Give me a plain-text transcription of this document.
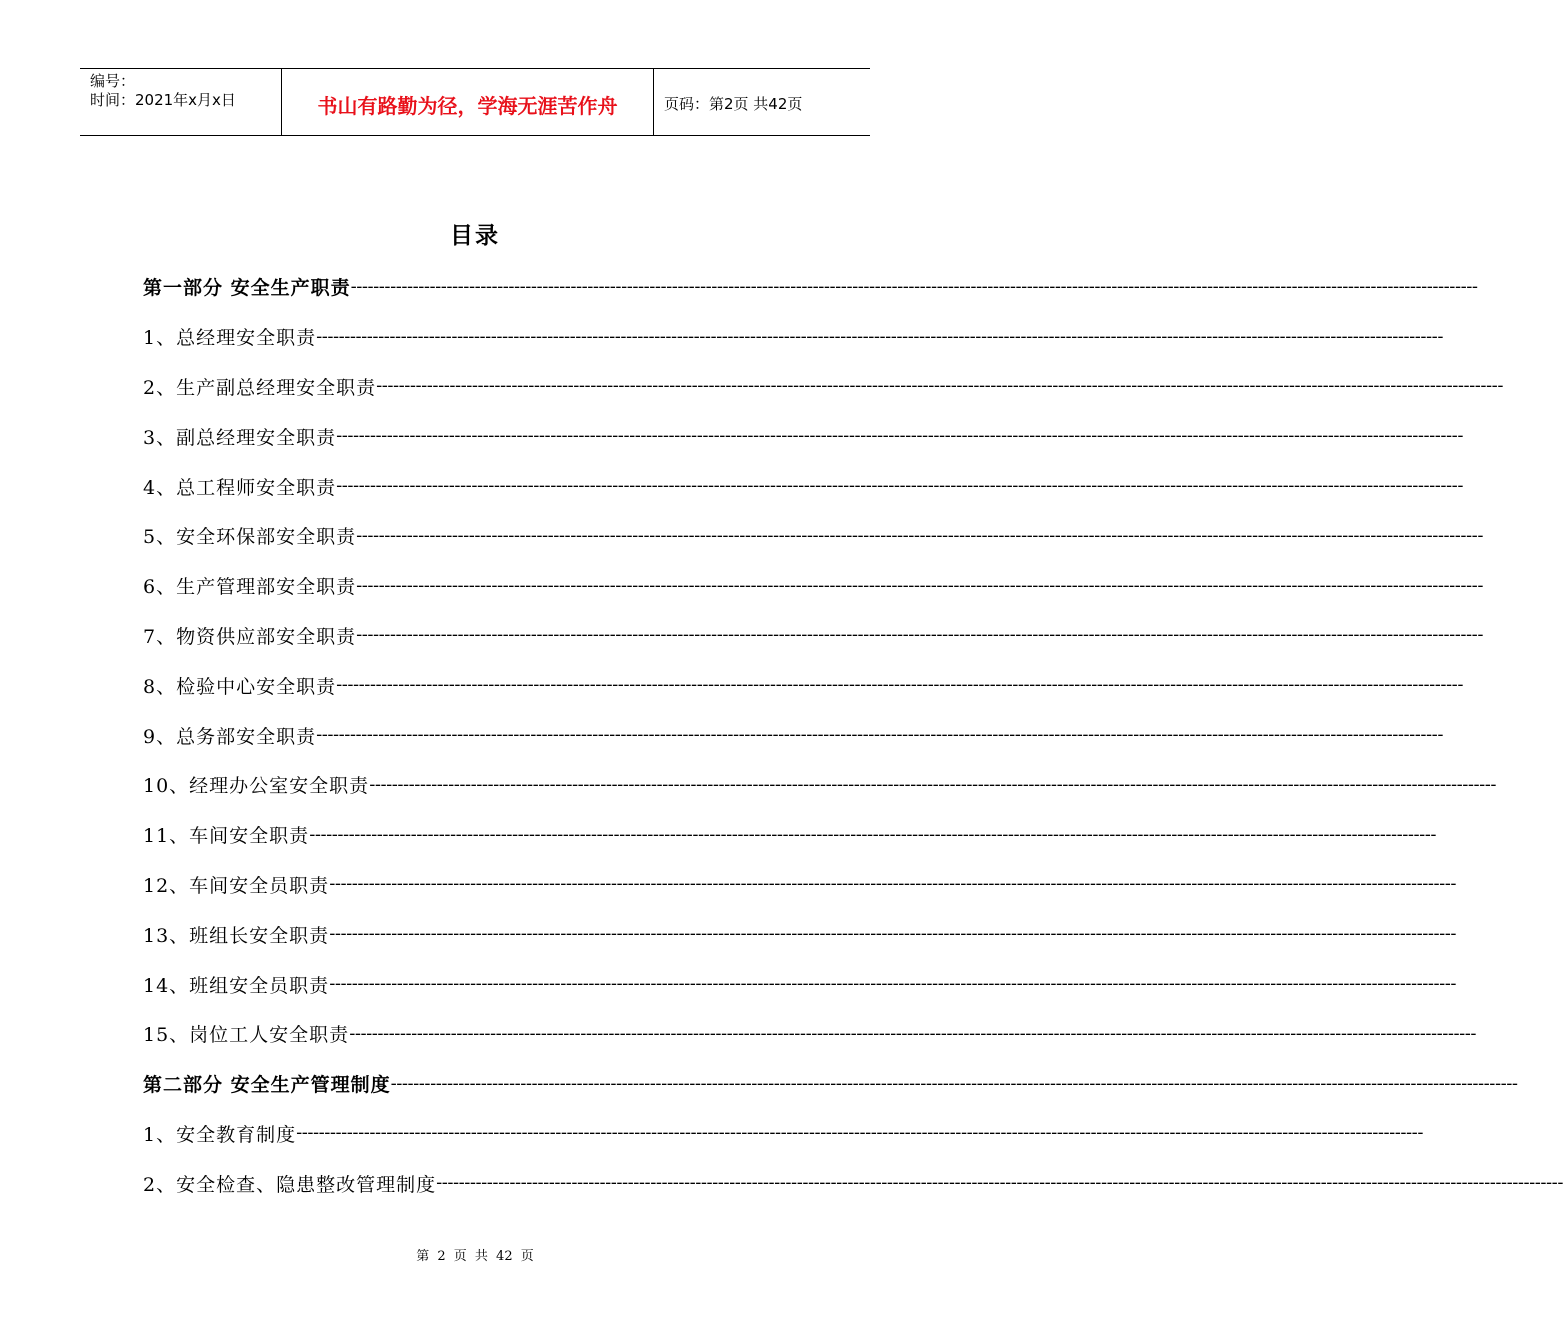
编号：
时间：2021年x月x日	书山有路勤为径，学海无涯苦作舟	页码：第2页 共42页
目录
第一部分 安全生产职责 --------------------------------------------------------------------------------------------------------------------------------------------------------------------------------------------------------
1、总经理安全职责 --------------------------------------------------------------------------------------------------------------------------------------------------------------------------------------------------------
2、生产副总经理安全职责 --------------------------------------------------------------------------------------------------------------------------------------------------------------------------------------------------------
3、副总经理安全职责 --------------------------------------------------------------------------------------------------------------------------------------------------------------------------------------------------------
4、总工程师安全职责 --------------------------------------------------------------------------------------------------------------------------------------------------------------------------------------------------------
5、安全环保部安全职责 --------------------------------------------------------------------------------------------------------------------------------------------------------------------------------------------------------
6、生产管理部安全职责 --------------------------------------------------------------------------------------------------------------------------------------------------------------------------------------------------------
7、物资供应部安全职责 --------------------------------------------------------------------------------------------------------------------------------------------------------------------------------------------------------
8、检验中心安全职责 --------------------------------------------------------------------------------------------------------------------------------------------------------------------------------------------------------
9、总务部安全职责 --------------------------------------------------------------------------------------------------------------------------------------------------------------------------------------------------------
10、经理办公室安全职责 --------------------------------------------------------------------------------------------------------------------------------------------------------------------------------------------------------
11、车间安全职责 --------------------------------------------------------------------------------------------------------------------------------------------------------------------------------------------------------
12、车间安全员职责 --------------------------------------------------------------------------------------------------------------------------------------------------------------------------------------------------------
13、班组长安全职责 --------------------------------------------------------------------------------------------------------------------------------------------------------------------------------------------------------
14、班组安全员职责 --------------------------------------------------------------------------------------------------------------------------------------------------------------------------------------------------------
15、岗位工人安全职责 --------------------------------------------------------------------------------------------------------------------------------------------------------------------------------------------------------
第二部分 安全生产管理制度 --------------------------------------------------------------------------------------------------------------------------------------------------------------------------------------------------------
1、安全教育制度 --------------------------------------------------------------------------------------------------------------------------------------------------------------------------------------------------------
2、安全检查、隐患整改管理制度 --------------------------------------------------------------------------------------------------------------------------------------------------------------------------------------------------------
第 2 页 共 42 页
